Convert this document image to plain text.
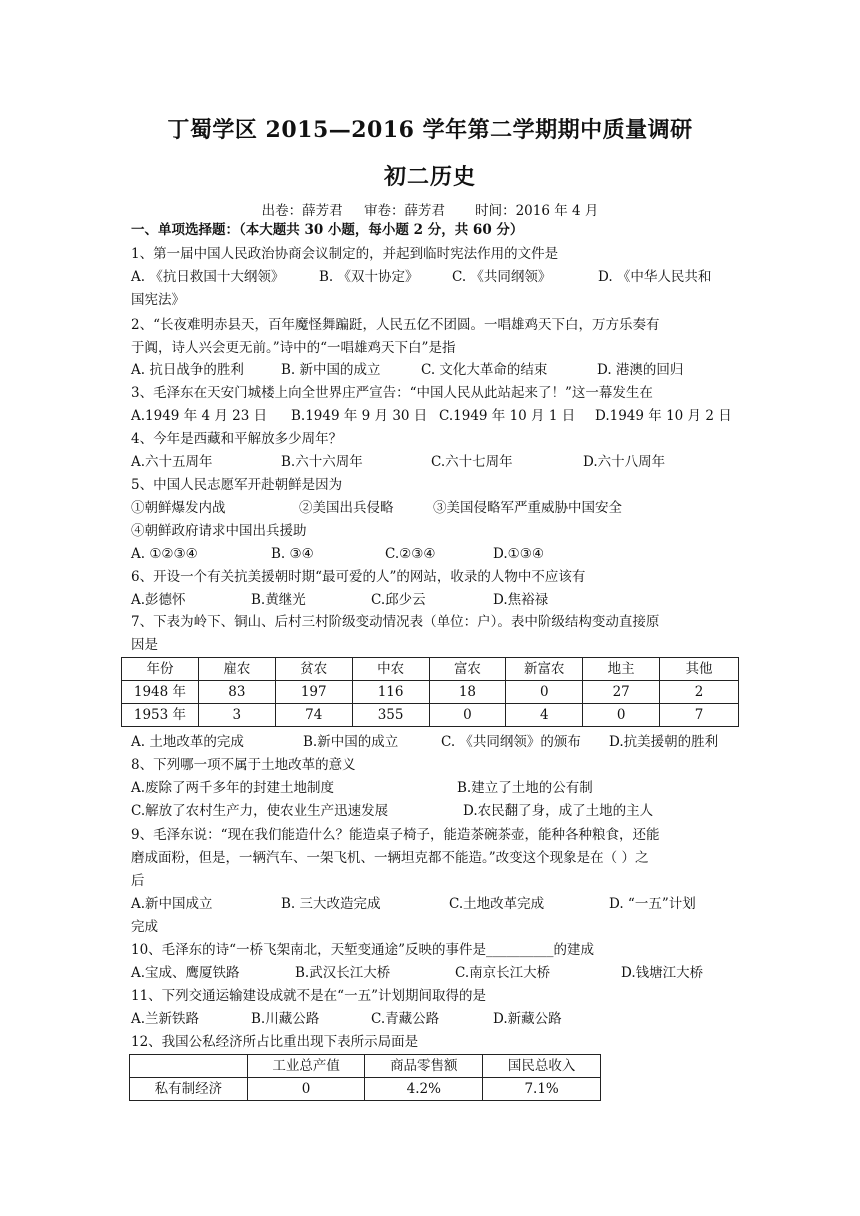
丁蜀学区 2015—2016 学年第二学期期中质量调研
初二历史
出卷：薛芳君     审卷：薛芳君       时间：2016 年 4 月
一、单项选择题：（本大题共 30 小题，每小题 2 分，共 60 分）
1、第一届中国人民政治协商会议制定的，并起到临时宪法作用的文件是
A. 《抗日救国十大纲领》	B. 《双十协定》 C. 《共同纲领》	D. 《中华人民共和
国宪法》
2、“长夜难明赤县天，百年魔怪舞蹁跹，人民五亿不团圆。一唱雄鸡天下白，万方乐奏有
于阗，诗人兴会更无前。”诗中的“一唱雄鸡天下白”是指
A. 抗日战争的胜利	B. 新中国的成立	C. 文化大革命的结束	D. 港澳的回归
3、毛泽东在天安门城楼上向全世界庄严宣告：“中国人民从此站起来了！”这一幕发生在
A.1949 年 4 月 23 日 B.1949 年 9 月 30 日 C.1949 年 10 月 1 日 D.1949 年 10 月 2 日
4、今年是西藏和平解放多少周年？
A.六十五周年	B.六十六周年	C.六十七周年	D.六十八周年
5、中国人民志愿军开赴朝鲜是因为
①朝鲜爆发内战	②美国出兵侵略	③美国侵略军严重威胁中国安全
④朝鲜政府请求中国出兵援助
A. ①②③④	B. ③④	C.②③④	D.①③④
6、开设一个有关抗美援朝时期“最可爱的人”的网站，收录的人物中不应该有
A.彭德怀	B.黄继光	C.邱少云	D.焦裕禄
7、下表为岭下、铜山、后村三村阶级变动情况表（单位：户）。表中阶级结构变动直接原
因是
年份	雇农	贫农	中农	富农	新富农	地主	其他
1948 年	83	197	116	18	0	27	2
1953 年	3	74	355	0	4	0	7
A. 土地改革的完成	B.新中国的成立	C. 《共同纲领》的颁布 D.抗美援朝的胜利
8、下列哪一项不属于土地改革的意义
A.废除了两千多年的封建土地制度	B.建立了土地的公有制
C.解放了农村生产力，使农业生产迅速发展	D.农民翻了身，成了土地的主人
9、毛泽东说：“现在我们能造什么？能造桌子椅子，能造茶碗茶壶，能种各种粮食，还能
磨成面粉，但是，一辆汽车、一架飞机、一辆坦克都不能造。”改变这个现象是在（ ）之
后
A.新中国成立	B. 三大改造完成	C.土地改革完成	D. “一五”计划
完成
10、毛泽东的诗“一桥飞架南北，天堑变通途”反映的事件是__________的建成
A.宝成、鹰厦铁路	B.武汉长江大桥	C.南京长江大桥	D.钱塘江大桥
11、下列交通运输建设成就不是在“一五”计划期间取得的是
A.兰新铁路	B.川藏公路	C.青藏公路	D.新藏公路
12、我国公私经济所占比重出现下表所示局面是
	工业总产值	商品零售额	国民总收入
私有制经济	0	4.2%	7.1%
